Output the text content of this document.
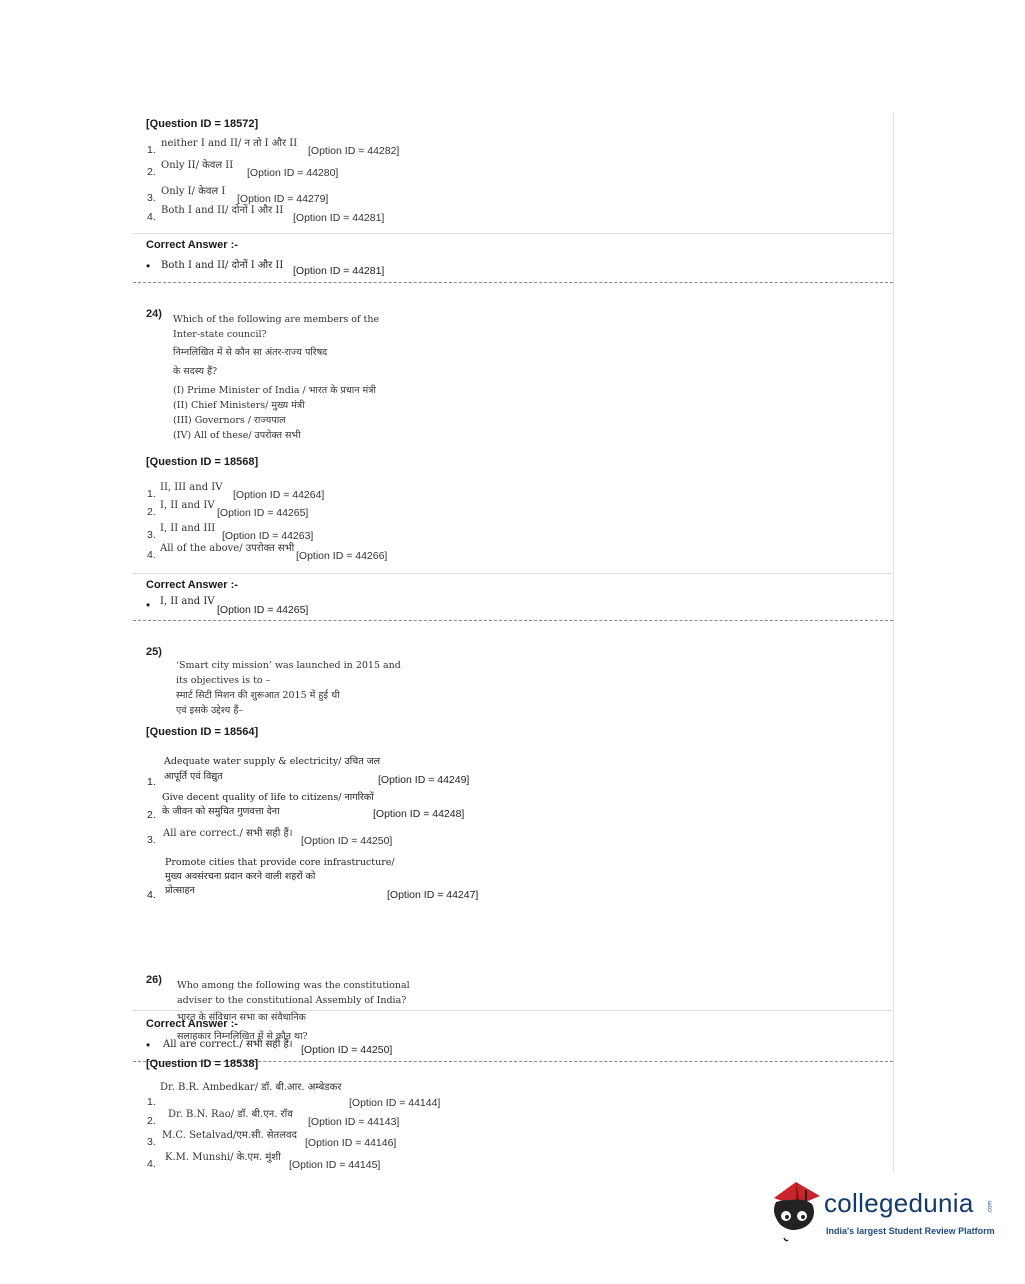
[Question ID = 18572]
1.
neither I and II/ न तो I और II
[Option ID = 44282]
2.
Only II/ केवल II
[Option ID = 44280]
3.
Only I/ केवल I
[Option ID = 44279]
4.
Both I and II/ दोनों I और II
[Option ID = 44281]
Correct Answer :-
• Both I and II/ दोनों I और II [Option ID = 44281]
24) Which of the following are members of the
Inter-state council?
निम्नलिखित में से कौन सा अंतर-राज्य परिषद
के सदस्य हैं?
(I) Prime Minister of India / भारत के प्रधान मंत्री
(II) Chief Ministers/ मुख्य मंत्री
(III) Governors / राज्यपाल
(IV) All of these/ उपरोक्त सभी
[Question ID = 18568]
1.
II, III and IV
[Option ID = 44264]
2.
I, II and IV
[Option ID = 44265]
3.
I, II and III
[Option ID = 44263]
4.
All of the above/ उपरोक्त सभी
[Option ID = 44266]
Correct Answer :-
• I, II and IV
[Option ID = 44265]
25)
‘Smart city mission’ was launched in 2015 and
its objectives is to –
स्मार्ट सिटी मिशन की शुरूआत 2015 में हुई थी
एवं इसके उद्देश्य हैं–
[Question ID = 18564]
Adequate water supply & electricity/ उचित जल
आपूर्ति एवं विद्युत
1.	[Option ID = 44249]
Give decent quality of life to citizens/ नागरिकों
के जीवन को समुचित गुणवत्ता देना
2.	[Option ID = 44248]
3.
All are correct./ सभी सही हैं।
[Option ID = 44250]
Promote cities that provide core infrastructure/
मुख्य अवसंरचना प्रदान करने वाली शहरों को
प्रोत्साहन
4.	[Option ID = 44247]
Correct Answer :-
• All are correct./ सभी सही हैं। [Option ID = 44250]
26) Who among the following was the constitutional
adviser to the constitutional Assembly of India?
भारत के संविधान सभा का संवैधानिक
सलाहकार निम्नलिखित में से कौन था?
[Question ID = 18538]
1.
Dr. B.R. Ambedkar/ डॉ. बी.आर. अम्बेडकर
[Option ID = 44144]
2.
Dr. B.N. Rao/ डॉ. बी.एन. रॉव
[Option ID = 44143]
3.
M.C. Setalvad/एम.सी. सेतलवद
[Option ID = 44146]
4.
K.M. Munshi/ के.एम. मुंशी
[Option ID = 44145]
collegedunia .com
India's largest Student Review Platform
